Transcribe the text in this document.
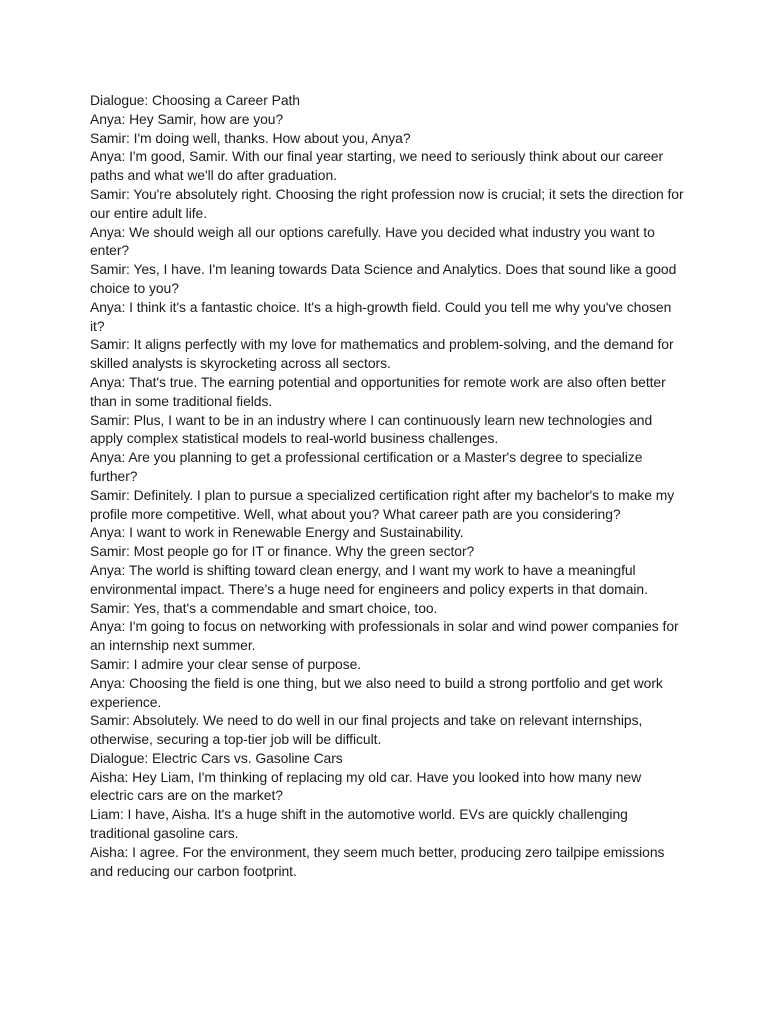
Dialogue: Choosing a Career Path

Anya: Hey Samir, how are you?

Samir: I'm doing well, thanks. How about you, Anya?

Anya: I'm good, Samir. With our final year starting, we need to seriously think about our career paths and what we'll do after graduation.

Samir: You're absolutely right. Choosing the right profession now is crucial; it sets the direction for our entire adult life.

Anya: We should weigh all our options carefully. Have you decided what industry you want to enter?

Samir: Yes, I have. I'm leaning towards Data Science and Analytics. Does that sound like a good choice to you?

Anya: I think it's a fantastic choice. It's a high-growth field. Could you tell me why you've chosen it?

Samir: It aligns perfectly with my love for mathematics and problem-solving, and the demand for skilled analysts is skyrocketing across all sectors.

Anya: That's true. The earning potential and opportunities for remote work are also often better than in some traditional fields.

Samir: Plus, I want to be in an industry where I can continuously learn new technologies and apply complex statistical models to real-world business challenges.

Anya: Are you planning to get a professional certification or a Master's degree to specialize further?

Samir: Definitely. I plan to pursue a specialized certification right after my bachelor's to make my profile more competitive. Well, what about you? What career path are you considering?

Anya: I want to work in Renewable Energy and Sustainability.

Samir: Most people go for IT or finance. Why the green sector?

Anya: The world is shifting toward clean energy, and I want my work to have a meaningful environmental impact. There’s a huge need for engineers and policy experts in that domain.

Samir: Yes, that's a commendable and smart choice, too.

Anya: I'm going to focus on networking with professionals in solar and wind power companies for an internship next summer.

Samir: I admire your clear sense of purpose.

Anya: Choosing the field is one thing, but we also need to build a strong portfolio and get work experience.

Samir: Absolutely. We need to do well in our final projects and take on relevant internships, otherwise, securing a top-tier job will be difficult.

Dialogue: Electric Cars vs. Gasoline Cars

Aisha: Hey Liam, I'm thinking of replacing my old car. Have you looked into how many new electric cars are on the market?

Liam: I have, Aisha. It's a huge shift in the automotive world. EVs are quickly challenging traditional gasoline cars.

Aisha: I agree. For the environment, they seem much better, producing zero tailpipe emissions and reducing our carbon footprint.
